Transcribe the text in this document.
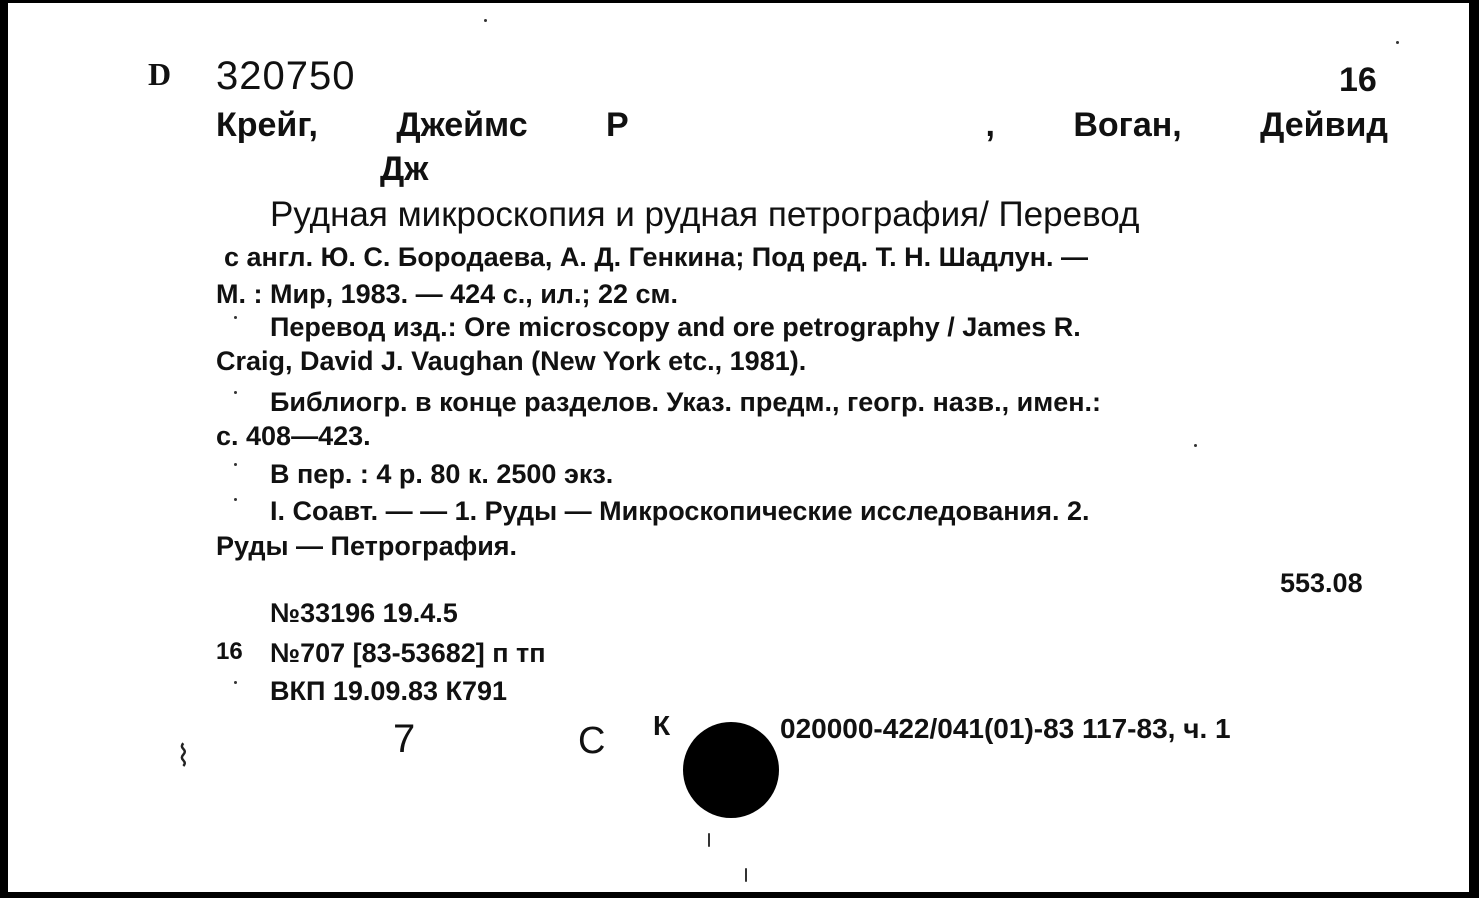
D 320750	16
Крейг, Джеймс Р	, Воган, Дейвид
Дж
Рудная микроскопия и рудная петрография/ Перевод
с англ. Ю. С. Бородаева, А. Д. Генкина; Под ред. Т. Н. Шадлун. —
М. : Мир, 1983. — 424 с., ил.; 22 см.
Перевод изд.: Ore microscopy and ore petrography / James R.
Craig, David J. Vaughan (New York etc., 1981).
Библиогр. в конце разделов. Указ. предм., геогр. назв., имен.:
с. 408—423.
В пер. : 4 р. 80 к. 2500 экз.
I. Соавт. — — 1. Руды — Микроскопические исследования. 2.
Руды — Петрография.
553.08
№33196 19.4.5
16 №707 [83-53682] п тп
ВКП 19.09.83 К791
7	С К	020000-422/041(01)-83 117-83, ч. 1
⌇
